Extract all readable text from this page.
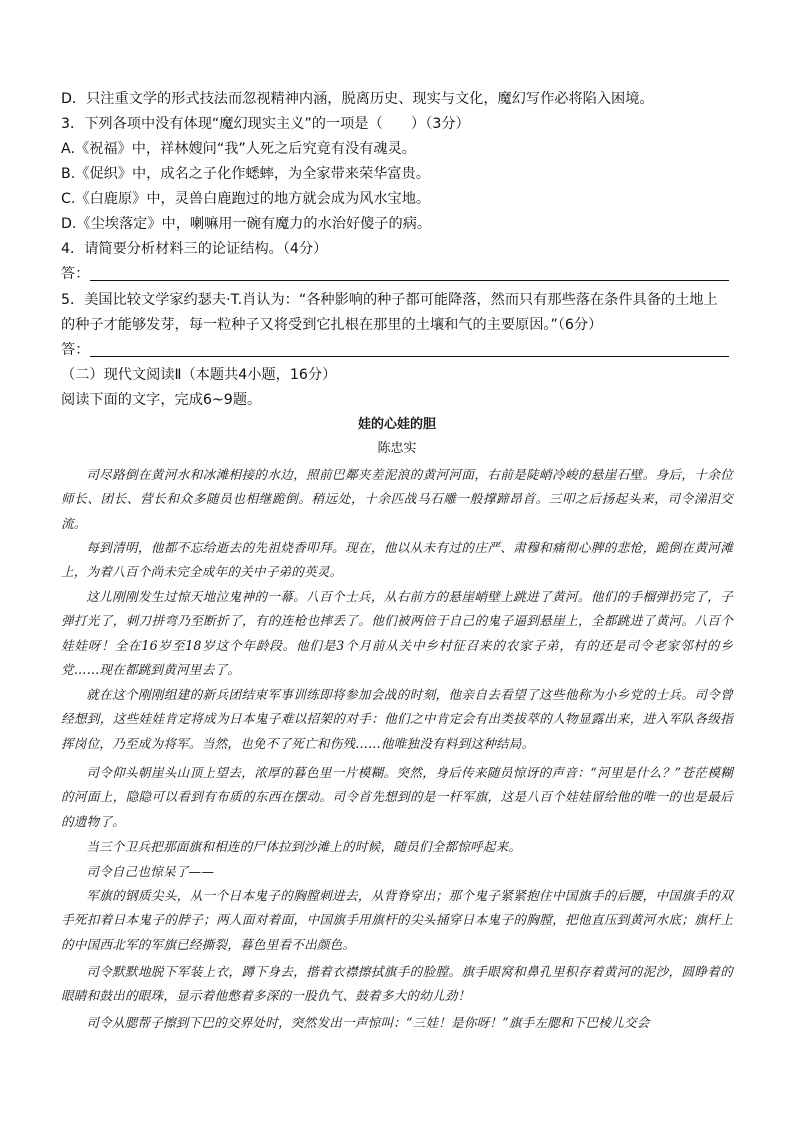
D．只注重文学的形式技法而忽视精神内涵，脱离历史、现实与文化，魔幻写作必将陷入困境。
3．下列各项中没有体现“魔幻现实主义”的一项是（　　）（3分）
A.《祝福》中，祥林嫂问“我”人死之后究竟有没有魂灵。
B.《促织》中，成名之子化作蟋蟀，为全家带来荣华富贵。
C.《白鹿原》中，灵兽白鹿跑过的地方就会成为风水宝地。
D.《尘埃落定》中，喇嘛用一碗有魔力的水治好傻子的病。
4．请简要分析材料三的论证结构。（4分）
答：
5．美国比较文学家约瑟夫·T.肖认为：“各种影响的种子都可能降落，然而只有那些落在条件具备的土地上
的种子才能够发芽，每一粒种子又将受到它扎根在那里的土壤和气的主要原因。”（6分）
答：
（二）现代文阅读Ⅱ（本题共4小题，16分）
阅读下面的文字，完成6~9题。
娃的心娃的胆
陈忠实
司尽路倒在黄河水和冰滩相接的水边，照前巴鄰夹差泥浪的黄河河面，右前是陡峭冷峻的悬崖石壁。身后，十余位师长、团长、营长和众多随员也相继跪倒。稍远处，十余匹战马石雕一般撑蹄昂首。三叩之后扬起头来，司令涕泪交流。
每到清明，他都不忘给逝去的先祖烧香叩拜。现在，他以从未有过的庄严、肃穆和痛彻心脾的悲怆，跪倒在黄河滩上，为着八百个尚未完全成年的关中子弟的英灵。
这儿刚刚发生过惊天地泣鬼神的一幕。八百个士兵，从右前方的悬崖峭壁上跳进了黄河。他们的手榴弹扔完了，子弹打光了，刺刀拼弯乃至断折了，有的连枪也摔丢了。他们被两倍于自己的鬼子逼到悬崖上，全都跳进了黄河。八百个娃娃呀！全在16岁至18岁这个年龄段。他们是3个月前从关中乡村征召来的农家子弟，有的还是司令老家邻村的乡党……现在都跳到黄河里去了。
就在这个刚刚组建的新兵团结束军事训练即将参加会战的时刻，他亲自去看望了这些他称为小乡党的士兵。司令曾经想到，这些娃娃肯定将成为日本鬼子难以招架的对手：他们之中肯定会有出类拔萃的人物显露出来，进入军队各级指挥岗位，乃至成为将军。当然，也免不了死亡和伤残……他唯独没有料到这种结局。
司令仰头朝崖头山顶上望去，浓厚的暮色里一片模糊。突然，身后传来随员惊讶的声音：“河里是什么？”苍茫模糊的河面上，隐隐可以看到有布质的东西在摆动。司令首先想到的是一杆军旗，这是八百个娃娃留给他的唯一的也是最后的遗物了。
当三个卫兵把那面旗和相连的尸体拉到沙滩上的时候，随员们全都惊呼起来。
司令自己也惊呆了——
军旗的钢质尖头，从一个日本鬼子的胸膛刺进去，从背脊穿出；那个鬼子紧紧抱住中国旗手的后腰，中国旗手的双手死扣着日本鬼子的脖子；两人面对着面，中国旗手用旗杆的尖头捅穿日本鬼子的胸膛，把他直压到黄河水底；旗杆上的中国西北军的军旗已经撕裂，暮色里看不出颜色。
司令默默地脱下军装上衣，蹲下身去，揩着衣襟擦拭旗手的脸膛。旗手眼窝和鼻孔里积存着黄河的泥沙，圆睁着的眼睛和鼓出的眼珠，显示着他憋着多深的一股仇气、鼓着多大的幼儿劲！
司令从腮帮子擦到下巴的交界处时，突然发出一声惊叫：“三娃！是你呀！”旗手左腮和下巴棱儿交会
